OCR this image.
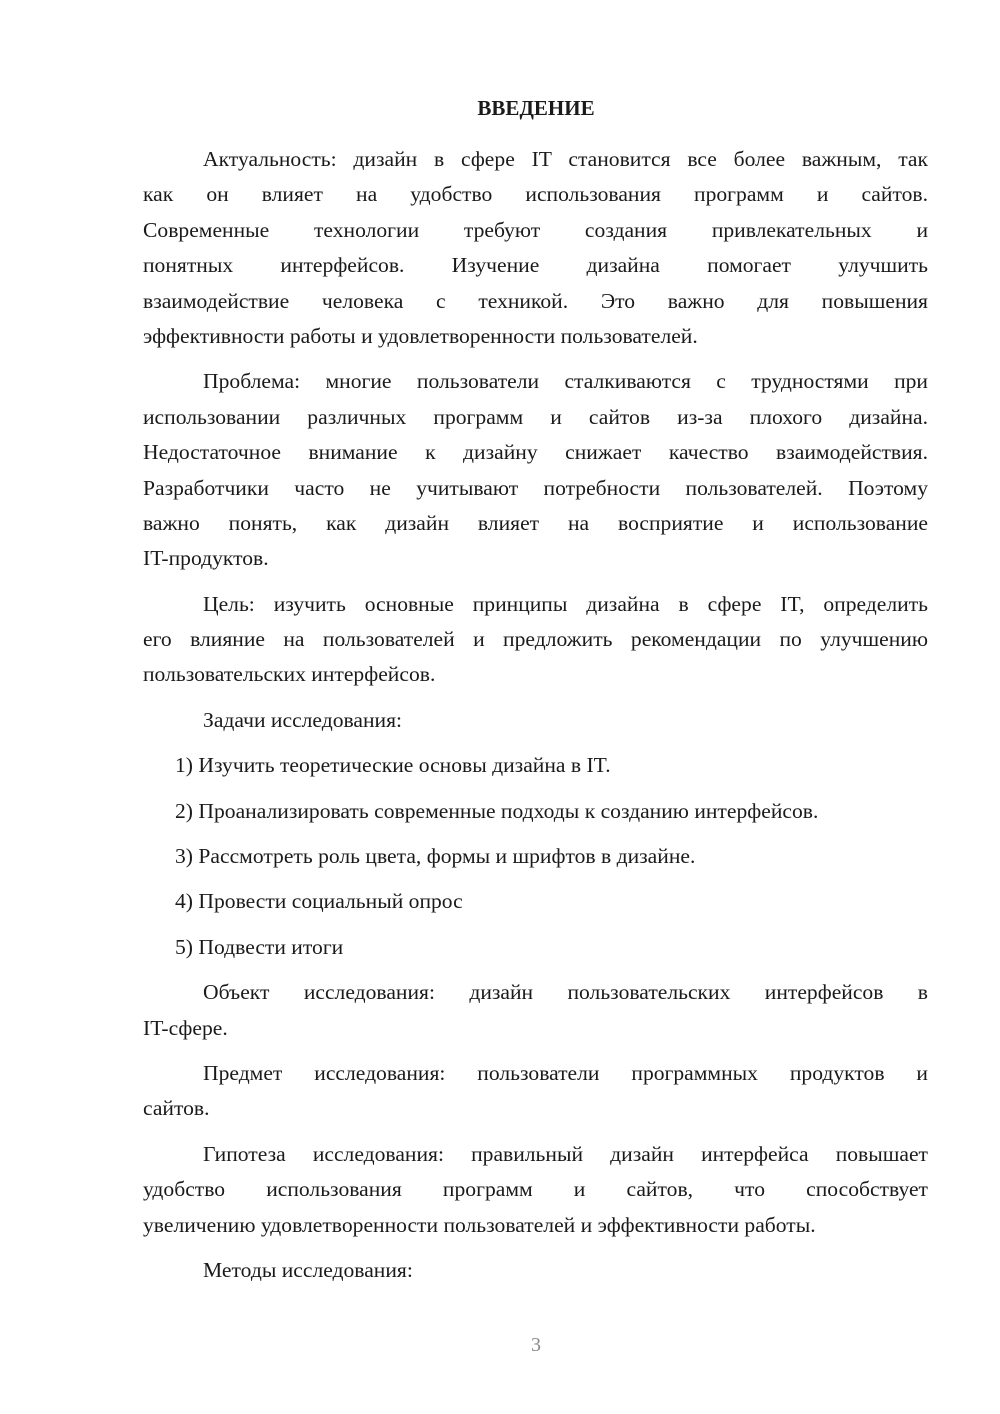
ВВЕДЕНИЕ
Актуальность: дизайн в сфере IT становится все более важным, так
как он влияет на удобство использования программ и сайтов.
Современные технологии требуют создания привлекательных и
понятных интерфейсов. Изучение дизайна помогает улучшить
взаимодействие человека с техникой. Это важно для повышения
эффективности работы и удовлетворенности пользователей.
Проблема: многие пользователи сталкиваются с трудностями при
использовании различных программ и сайтов из-за плохого дизайна.
Недостаточное внимание к дизайну снижает качество взаимодействия.
Разработчики часто не учитывают потребности пользователей. Поэтому
важно понять, как дизайн влияет на восприятие и использование
IT-продуктов.
Цель: изучить основные принципы дизайна в сфере IT, определить
его влияние на пользователей и предложить рекомендации по улучшению
пользовательских интерфейсов.
Задачи исследования:
1) Изучить теоретические основы дизайна в IT.
2) Проанализировать современные подходы к созданию интерфейсов.
3) Рассмотреть роль цвета, формы и шрифтов в дизайне.
4) Провести социальный опрос
5) Подвести итоги
Объект исследования: дизайн пользовательских интерфейсов в
IT-сфере.
Предмет исследования: пользователи программных продуктов и
сайтов.
Гипотеза исследования: правильный дизайн интерфейса повышает
удобство использования программ и сайтов, что способствует
увеличению удовлетворенности пользователей и эффективности работы.
Методы исследования:
3
